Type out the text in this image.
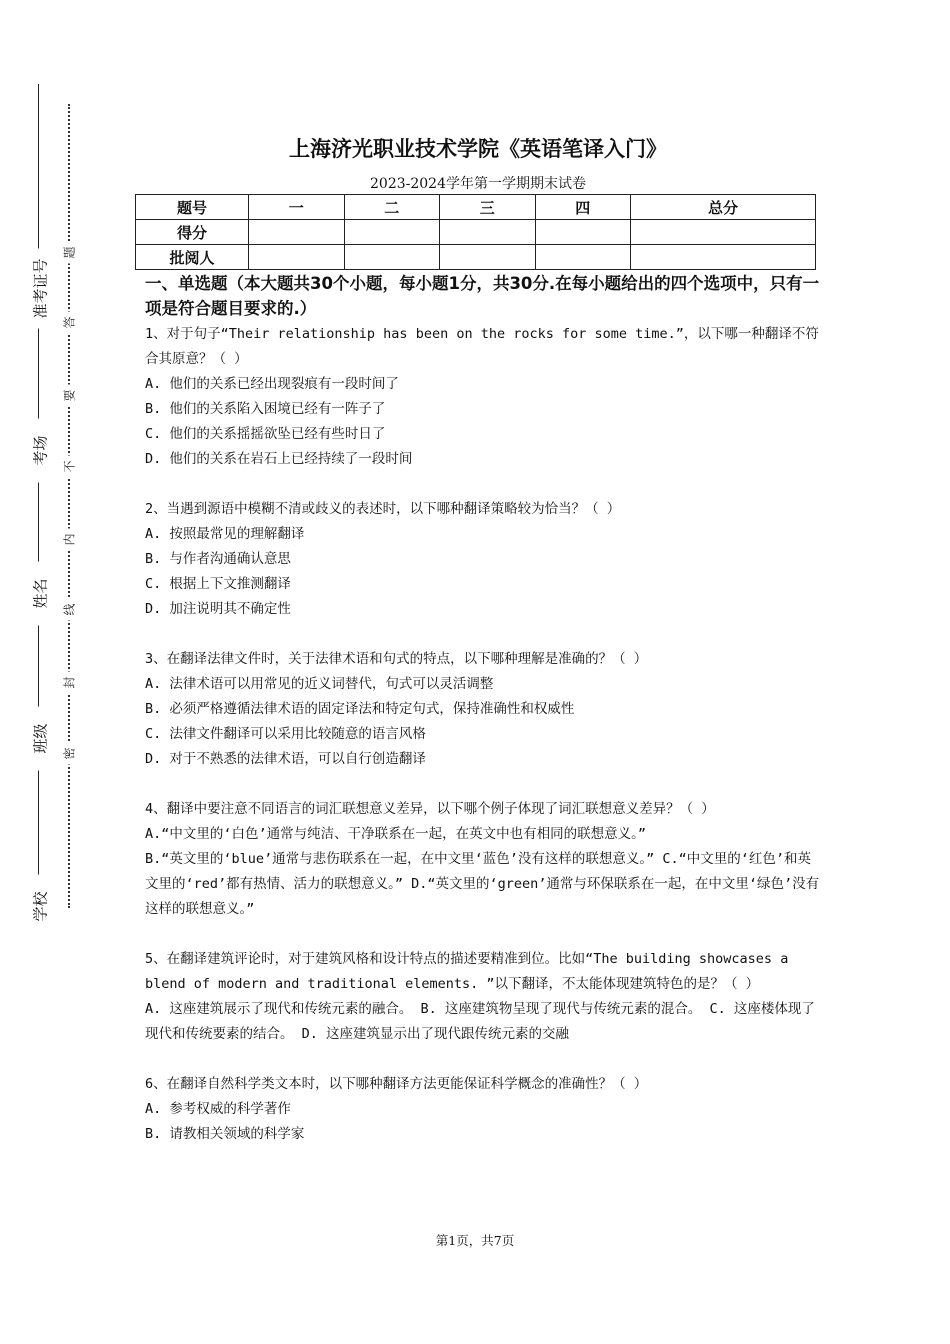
准考证号
考场
姓名
班级
学校
题
答
要
不
内
线
封
密
上海济光职业技术学院《英语笔译入门》
2023-2024学年第一学期期末试卷
题号	一	二	三	四	总分
得分					
批阅人					
一、单选题（本大题共30个小题，每小题1分，共30分.在每小题给出的四个选项中，只有一项是符合题目要求的.）

1、对于句子“Their relationship has been on the rocks for some time.”，以下哪一种翻译不符合其原意？（ ）

A. 他们的关系已经出现裂痕有一段时间了

B. 他们的关系陷入困境已经有一阵子了

C. 他们的关系摇摇欲坠已经有些时日了

D. 他们的关系在岩石上已经持续了一段时间

2、当遇到源语中模糊不清或歧义的表述时，以下哪种翻译策略较为恰当？（ ）

A. 按照最常见的理解翻译

B. 与作者沟通确认意思

C. 根据上下文推测翻译

D. 加注说明其不确定性

3、在翻译法律文件时，关于法律术语和句式的特点，以下哪种理解是准确的？（ ）

A. 法律术语可以用常见的近义词替代，句式可以灵活调整

B. 必须严格遵循法律术语的固定译法和特定句式，保持准确性和权威性

C. 法律文件翻译可以采用比较随意的语言风格

D. 对于不熟悉的法律术语，可以自行创造翻译

4、翻译中要注意不同语言的词汇联想意义差异，以下哪个例子体现了词汇联想意义差异？（ ）

A.“中文里的‘白色’通常与纯洁、干净联系在一起，在英文中也有相同的联想意义。”

B.“英文里的‘blue’通常与悲伤联系在一起，在中文里‘蓝色’没有这样的联想意义。” C.“中文里的‘红色’和英文里的‘red’都有热情、活力的联想意义。” D.“英文里的‘green’通常与环保联系在一起，在中文里‘绿色’没有这样的联想意义。”

5、在翻译建筑评论时，对于建筑风格和设计特点的描述要精准到位。比如“The building showcases a blend of modern and traditional elements. ”以下翻译，不太能体现建筑特色的是？（ ）

A. 这座建筑展示了现代和传统元素的融合。 B. 这座建筑物呈现了现代与传统元素的混合。 C. 这座楼体现了现代和传统要素的结合。 D. 这座建筑显示出了现代跟传统元素的交融

6、在翻译自然科学类文本时，以下哪种翻译方法更能保证科学概念的准确性？（ ）

A. 参考权威的科学著作

B. 请教相关领域的科学家

第1页，共7页
